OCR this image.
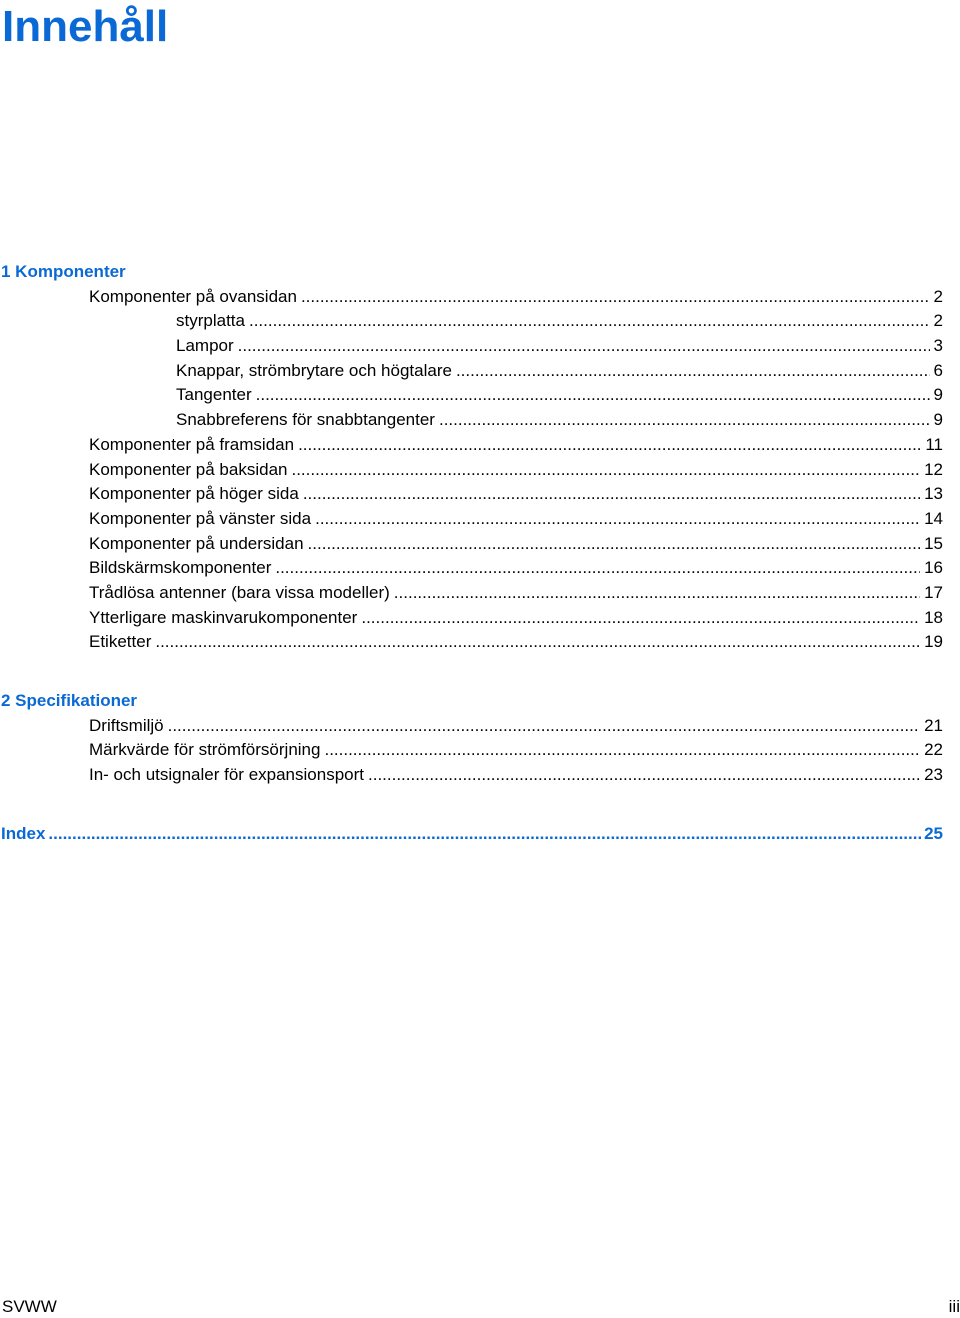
Innehåll
1 Komponenter
Komponenter på ovansidan .....	2
styrplatta .....	2
Lampor .....	3
Knappar, strömbrytare och högtalare .....	6
Tangenter .....	9
Snabbreferens för snabbtangenter .....	9
Komponenter på framsidan .....	11
Komponenter på baksidan .....	12
Komponenter på höger sida .....	13
Komponenter på vänster sida .....	14
Komponenter på undersidan .....	15
Bildskärmskomponenter .....	16
Trådlösa antenner (bara vissa modeller) .....	17
Ytterligare maskinvarukomponenter .....	18
Etiketter .....	19
2 Specifikationer
Driftsmiljö .....	21
Märkvärde för strömförsörjning .....	22
In- och utsignaler för expansionsport .....	23
Index .....	25
SVWW	iii
